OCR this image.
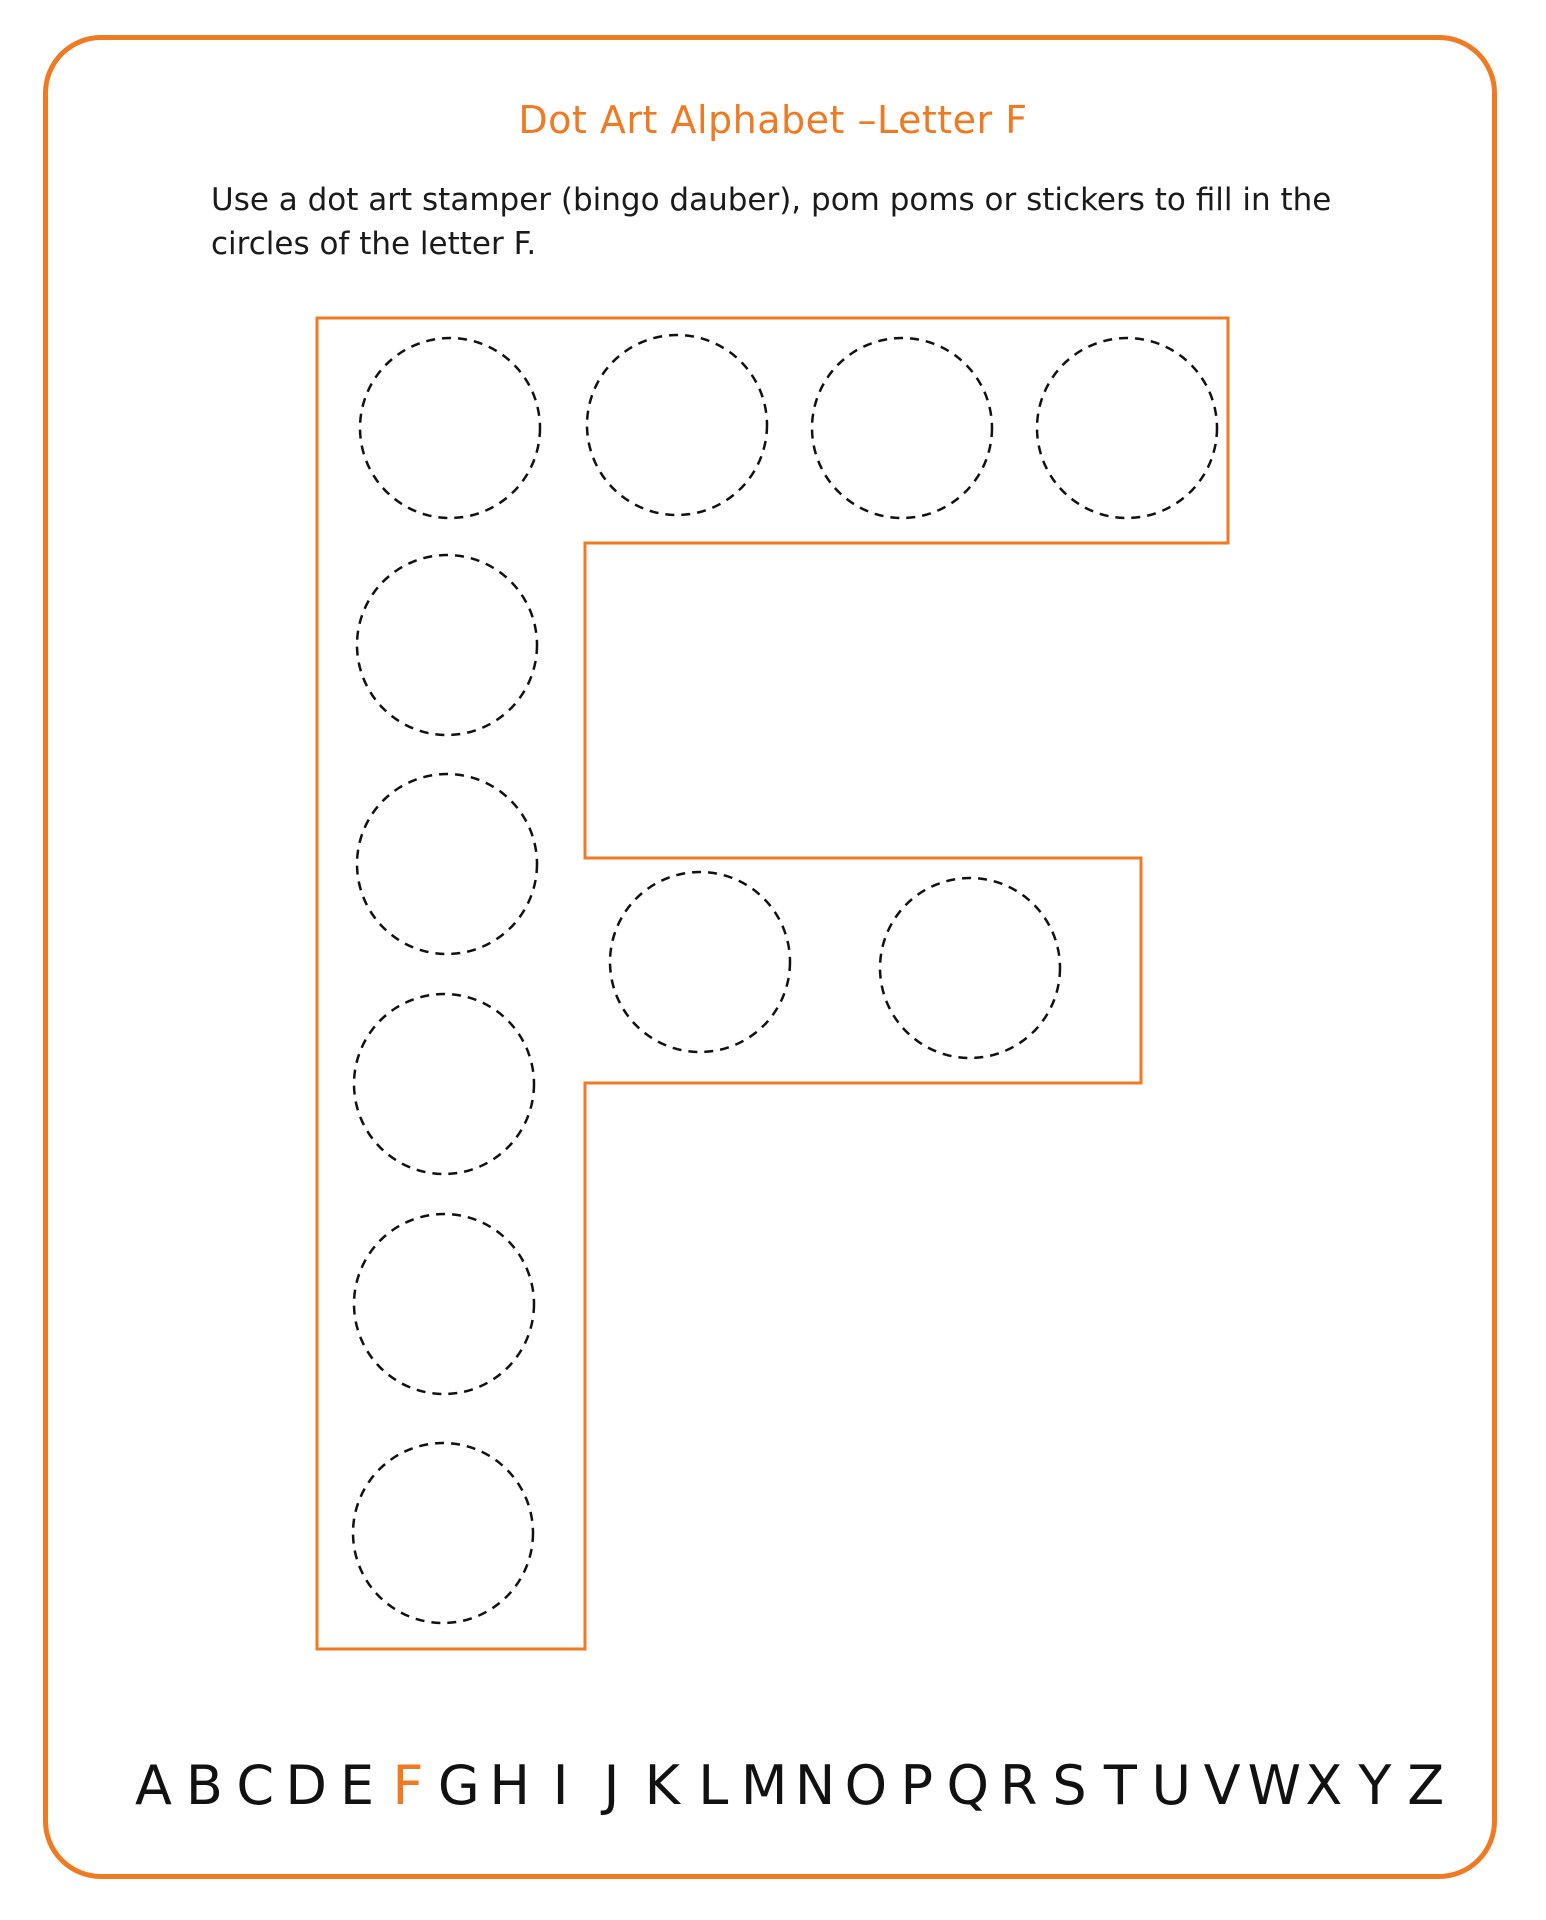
Dot Art Alphabet –Letter F
Use a dot art stamper (bingo dauber), pom poms or stickers to fill in the circles of the letter F.
A B C D E F G H I J K L M N O P Q R S T U V W X Y Z
